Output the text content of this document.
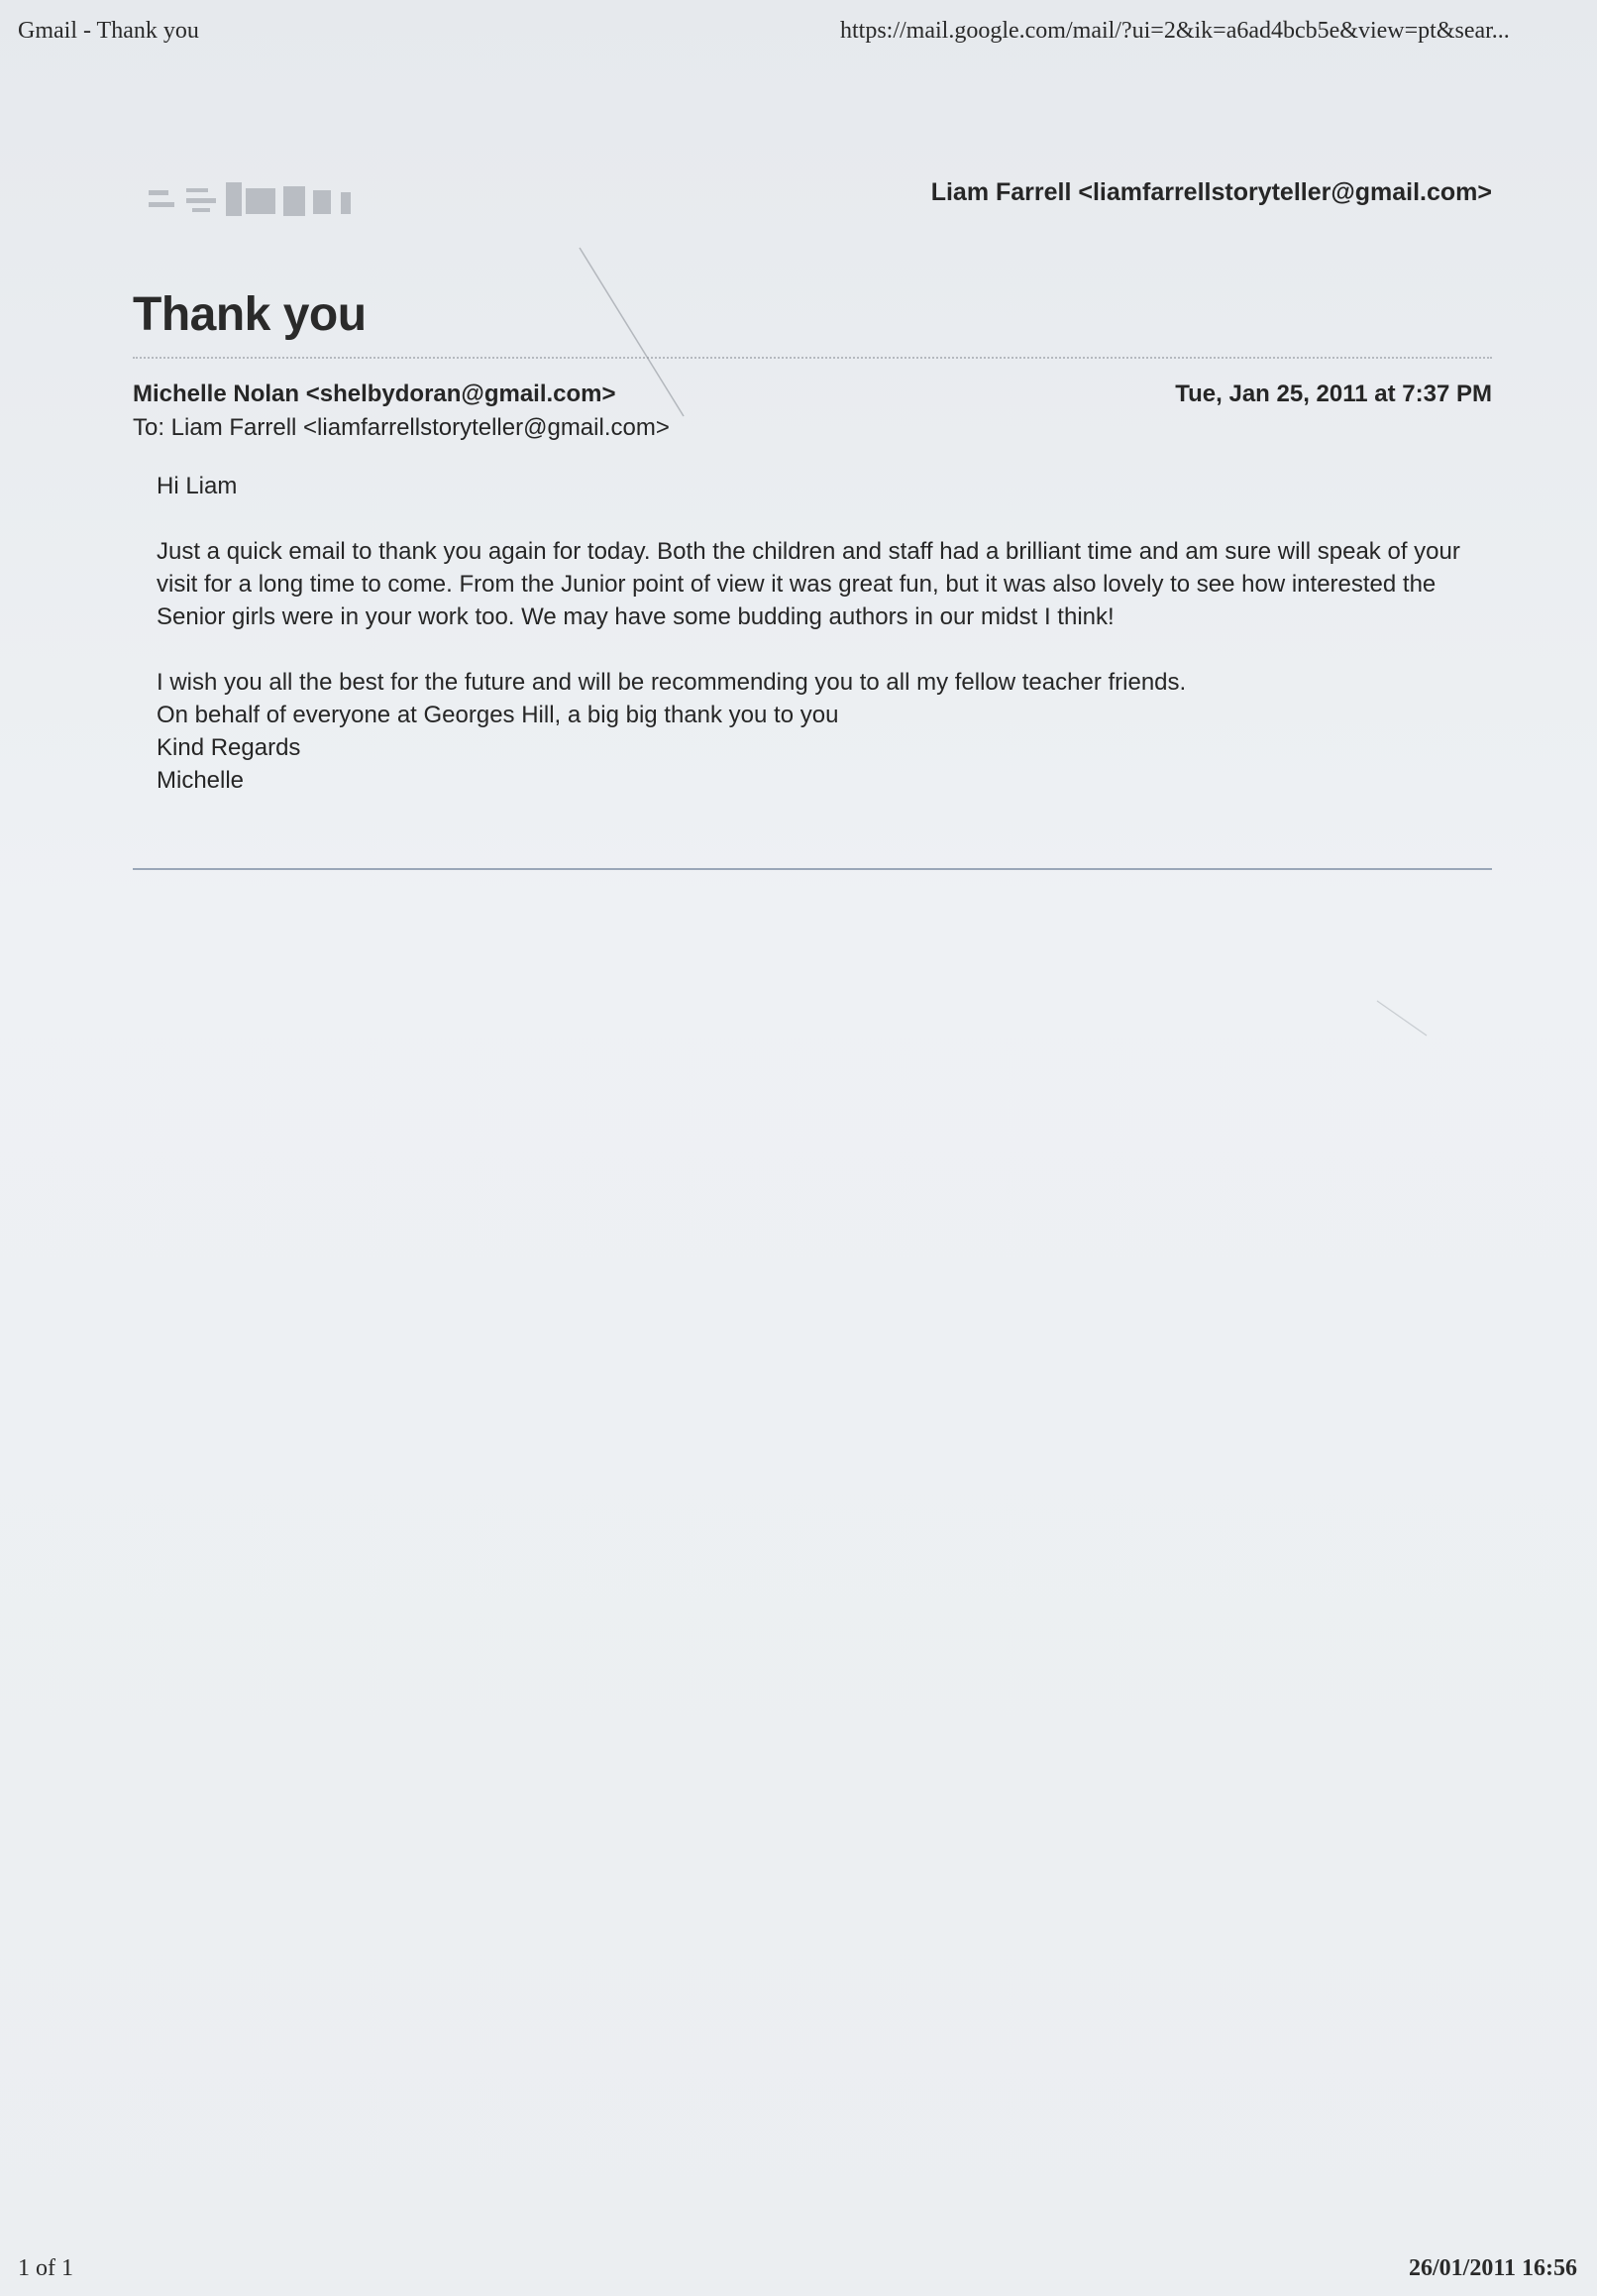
Gmail - Thank you	https://mail.google.com/mail/?ui=2&ik=a6ad4bcb5e&view=pt&sear...
Liam Farrell <liamfarrellstoryteller@gmail.com>
Thank you
Michelle Nolan <shelbydoran@gmail.com>	Tue, Jan 25, 2011 at 7:37 PM
To: Liam Farrell <liamfarrellstoryteller@gmail.com>

Hi Liam

Just a quick email to thank you again for today. Both the children and staff had a brilliant time and am sure will speak of your visit for a long time to come. From the Junior point of view it was great fun, but it was also lovely to see how interested the Senior girls were in your work too. We may have some budding authors in our midst I think!

I wish you all the best for the future and will be recommending you to all my fellow teacher friends.

On behalf of everyone at Georges Hill, a big big thank you to you

Kind Regards

Michelle

1 of 1	26/01/2011 16:56
